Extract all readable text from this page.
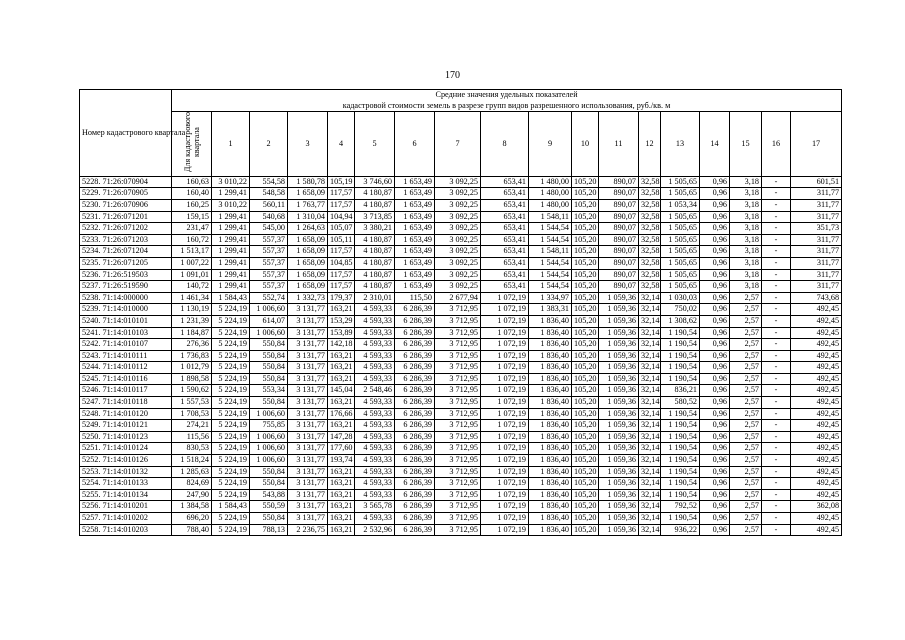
170
Номер кадастрового квартала	Средние значения удельных показателей
кадастровой стоимости земель в разрезе групп видов разрешенного использования, руб./кв. м																	

	Для кадастрового квартала	1	2	3	4	5	6	7	8	9	10	11	12	13	14	15	16	17
5228. 71:26:070904	160,63	3 010,22	554,58	1 580,78	105,19	3 746,60	1 653,49	3 092,25	653,41	1 480,00	105,20	890,07	32,58	1 505,65	0,96	3,18	-	601,51
5229. 71:26:070905	160,40	1 299,41	548,58	1 658,09	117,57	4 180,87	1 653,49	3 092,25	653,41	1 480,00	105,20	890,07	32,58	1 505,65	0,96	3,18	-	311,77
5230. 71:26:070906	160,25	3 010,22	560,11	1 763,77	117,57	4 180,87	1 653,49	3 092,25	653,41	1 480,00	105,20	890,07	32,58	1 053,34	0,96	3,18	-	311,77
5231. 71:26:071201	159,15	1 299,41	540,68	1 310,04	104,94	3 713,85	1 653,49	3 092,25	653,41	1 548,11	105,20	890,07	32,58	1 505,65	0,96	3,18	-	311,77
5232. 71:26:071202	231,47	1 299,41	545,00	1 264,63	105,07	3 380,21	1 653,49	3 092,25	653,41	1 544,54	105,20	890,07	32,58	1 505,65	0,96	3,18	-	351,73
5233. 71:26:071203	160,72	1 299,41	557,37	1 658,09	105,11	4 180,87	1 653,49	3 092,25	653,41	1 544,54	105,20	890,07	32,58	1 505,65	0,96	3,18	-	311,77
5234. 71:26:071204	1 513,17	1 299,41	557,37	1 658,09	117,57	4 180,87	1 653,49	3 092,25	653,41	1 548,11	105,20	890,07	32,58	1 505,65	0,96	3,18	-	311,77
5235. 71:26:071205	1 007,22	1 299,41	557,37	1 658,09	104,85	4 180,87	1 653,49	3 092,25	653,41	1 544,54	105,20	890,07	32,58	1 505,65	0,96	3,18	-	311,77
5236. 71:26:519503	1 091,01	1 299,41	557,37	1 658,09	117,57	4 180,87	1 653,49	3 092,25	653,41	1 544,54	105,20	890,07	32,58	1 505,65	0,96	3,18	-	311,77
5237. 71:26:519590	140,72	1 299,41	557,37	1 658,09	117,57	4 180,87	1 653,49	3 092,25	653,41	1 544,54	105,20	890,07	32,58	1 505,65	0,96	3,18	-	311,77
5238. 71:14:000000	1 461,34	1 584,43	552,74	1 332,73	179,37	2 310,01	115,50	2 677,94	1 072,19	1 334,97	105,20	1 059,36	32,14	1 030,03	0,96	2,57	-	743,68
5239. 71:14:010000	1 130,19	5 224,19	1 006,60	3 131,77	163,21	4 593,33	6 286,39	3 712,95	1 072,19	1 383,31	105,20	1 059,36	32,14	750,02	0,96	2,57	-	492,45
5240. 71:14:010101	1 231,39	5 224,19	614,07	3 131,77	153,29	4 593,33	6 286,39	3 712,95	1 072,19	1 836,40	105,20	1 059,36	32,14	1 308,62	0,96	2,57	-	492,45
5241. 71:14:010103	1 184,87	5 224,19	1 006,60	3 131,77	153,89	4 593,33	6 286,39	3 712,95	1 072,19	1 836,40	105,20	1 059,36	32,14	1 190,54	0,96	2,57	-	492,45
5242. 71:14:010107	276,36	5 224,19	550,84	3 131,77	142,18	4 593,33	6 286,39	3 712,95	1 072,19	1 836,40	105,20	1 059,36	32,14	1 190,54	0,96	2,57	-	492,45
5243. 71:14:010111	1 736,83	5 224,19	550,84	3 131,77	163,21	4 593,33	6 286,39	3 712,95	1 072,19	1 836,40	105,20	1 059,36	32,14	1 190,54	0,96	2,57	-	492,45
5244. 71:14:010112	1 012,79	5 224,19	550,84	3 131,77	163,21	4 593,33	6 286,39	3 712,95	1 072,19	1 836,40	105,20	1 059,36	32,14	1 190,54	0,96	2,57	-	492,45
5245. 71:14:010116	1 898,58	5 224,19	550,84	3 131,77	163,21	4 593,33	6 286,39	3 712,95	1 072,19	1 836,40	105,20	1 059,36	32,14	1 190,54	0,96	2,57	-	492,45
5246. 71:14:010117	1 590,62	5 224,19	553,34	3 131,77	145,04	2 548,46	6 286,39	3 712,95	1 072,19	1 836,40	105,20	1 059,36	32,14	836,21	0,96	2,57	-	492,45
5247. 71:14:010118	1 557,53	5 224,19	550,84	3 131,77	163,21	4 593,33	6 286,39	3 712,95	1 072,19	1 836,40	105,20	1 059,36	32,14	580,52	0,96	2,57	-	492,45
5248. 71:14:010120	1 708,53	5 224,19	1 006,60	3 131,77	176,66	4 593,33	6 286,39	3 712,95	1 072,19	1 836,40	105,20	1 059,36	32,14	1 190,54	0,96	2,57	-	492,45
5249. 71:14:010121	274,21	5 224,19	755,85	3 131,77	163,21	4 593,33	6 286,39	3 712,95	1 072,19	1 836,40	105,20	1 059,36	32,14	1 190,54	0,96	2,57	-	492,45
5250. 71:14:010123	115,56	5 224,19	1 006,60	3 131,77	147,28	4 593,33	6 286,39	3 712,95	1 072,19	1 836,40	105,20	1 059,36	32,14	1 190,54	0,96	2,57	-	492,45
5251. 71:14:010124	830,53	5 224,19	1 006,60	3 131,77	177,60	4 593,33	6 286,39	3 712,95	1 072,19	1 836,40	105,20	1 059,36	32,14	1 190,54	0,96	2,57	-	492,45
5252. 71:14:010126	1 518,24	5 224,19	1 006,60	3 131,77	193,74	4 593,33	6 286,39	3 712,95	1 072,19	1 836,40	105,20	1 059,36	32,14	1 190,54	0,96	2,57	-	492,45
5253. 71:14:010132	1 285,63	5 224,19	550,84	3 131,77	163,21	4 593,33	6 286,39	3 712,95	1 072,19	1 836,40	105,20	1 059,36	32,14	1 190,54	0,96	2,57	-	492,45
5254. 71:14:010133	824,69	5 224,19	550,84	3 131,77	163,21	4 593,33	6 286,39	3 712,95	1 072,19	1 836,40	105,20	1 059,36	32,14	1 190,54	0,96	2,57	-	492,45
5255. 71:14:010134	247,90	5 224,19	543,88	3 131,77	163,21	4 593,33	6 286,39	3 712,95	1 072,19	1 836,40	105,20	1 059,36	32,14	1 190,54	0,96	2,57	-	492,45
5256. 71:14:010201	1 384,58	1 584,43	550,59	3 131,77	163,21	3 565,78	6 286,39	3 712,95	1 072,19	1 836,40	105,20	1 059,36	32,14	792,52	0,96	2,57	-	362,08
5257. 71:14:010202	696,20	5 224,19	550,84	3 131,77	163,21	4 593,33	6 286,39	3 712,95	1 072,19	1 836,40	105,20	1 059,36	32,14	1 190,54	0,96	2,57	-	492,45
5258. 71:14:010203	788,40	5 224,19	788,13	2 236,75	163,21	2 532,96	6 286,39	3 712,95	1 072,19	1 836,40	105,20	1 059,36	32,14	936,22	0,96	2,57	-	492,45
